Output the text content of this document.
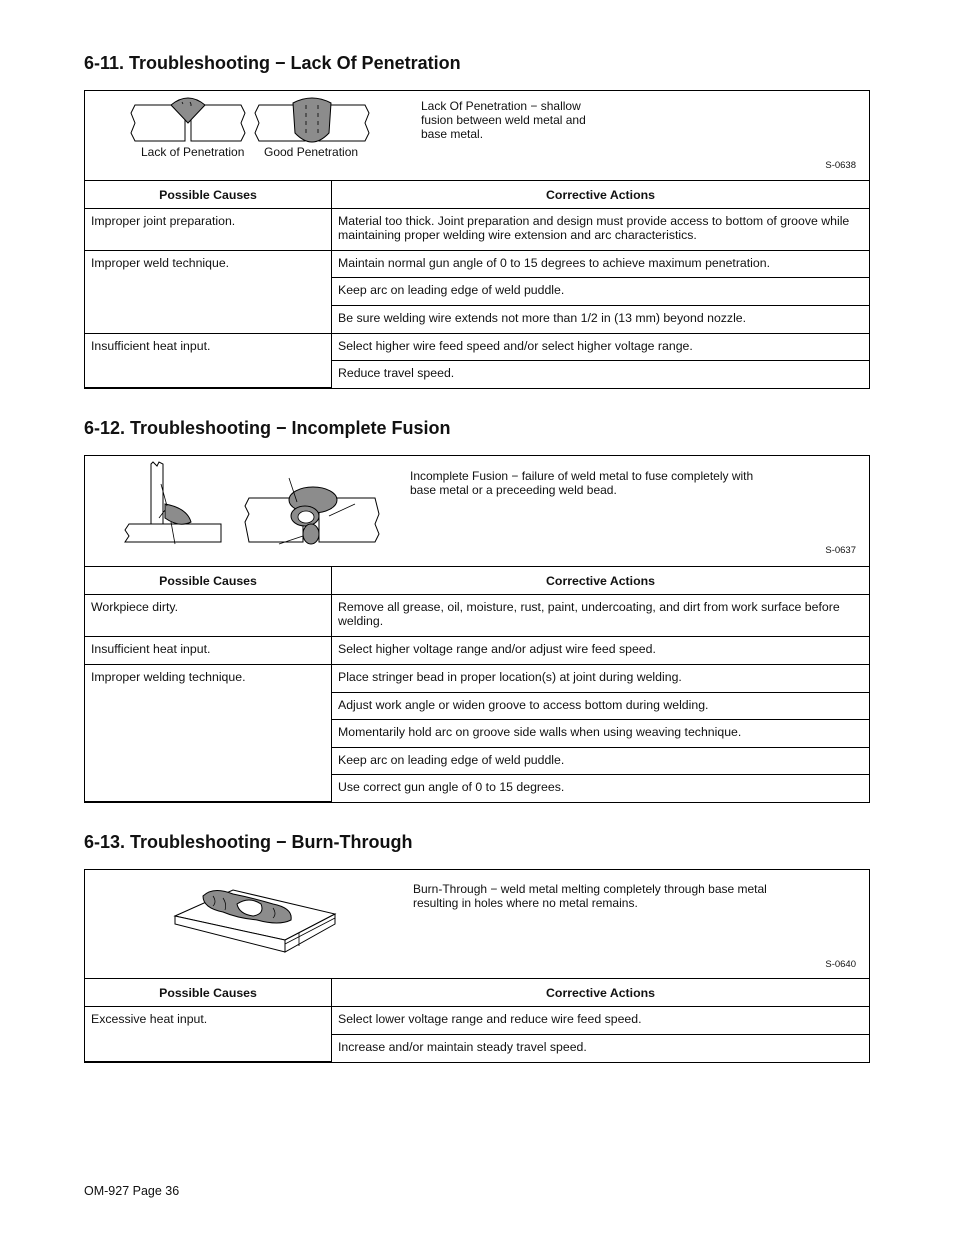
6-11. Troubleshooting − Lack Of Penetration
Lack of Penetration Good Penetration
Lack Of Penetration − shallow
fusion between weld metal and
base metal.
S-0638
Possible Causes	Corrective Actions
Improper joint preparation.	Material too thick. Joint preparation and design must provide access to bottom of groove while maintaining proper welding wire extension and arc characteristics.
Improper weld technique.	Maintain normal gun angle of 0 to 15 degrees to achieve maximum penetration.
	Keep arc on leading edge of weld puddle.
	Be sure welding wire extends not more than 1/2 in (13 mm) beyond nozzle.
Insufficient heat input.	Select higher wire feed speed and/or select higher voltage range.
	Reduce travel speed.
6-12. Troubleshooting − Incomplete Fusion
Incomplete Fusion − failure of weld metal to fuse completely with
base metal or a preceeding weld bead.
S-0637
Possible Causes	Corrective Actions
Workpiece dirty.	Remove all grease, oil, moisture, rust, paint, undercoating, and dirt from work surface before welding.
Insufficient heat input.	Select higher voltage range and/or adjust wire feed speed.
Improper welding technique.	Place stringer bead in proper location(s) at joint during welding.
	Adjust work angle or widen groove to access bottom during welding.
	Momentarily hold arc on groove side walls when using weaving technique.
	Keep arc on leading edge of weld puddle.
	Use correct gun angle of 0 to 15 degrees.
6-13. Troubleshooting − Burn-Through
Burn-Through − weld metal melting completely through base metal
resulting in holes where no metal remains.
S-0640
Possible Causes	Corrective Actions
Excessive heat input.	Select lower voltage range and reduce wire feed speed.
	Increase and/or maintain steady travel speed.
OM-927 Page 36
